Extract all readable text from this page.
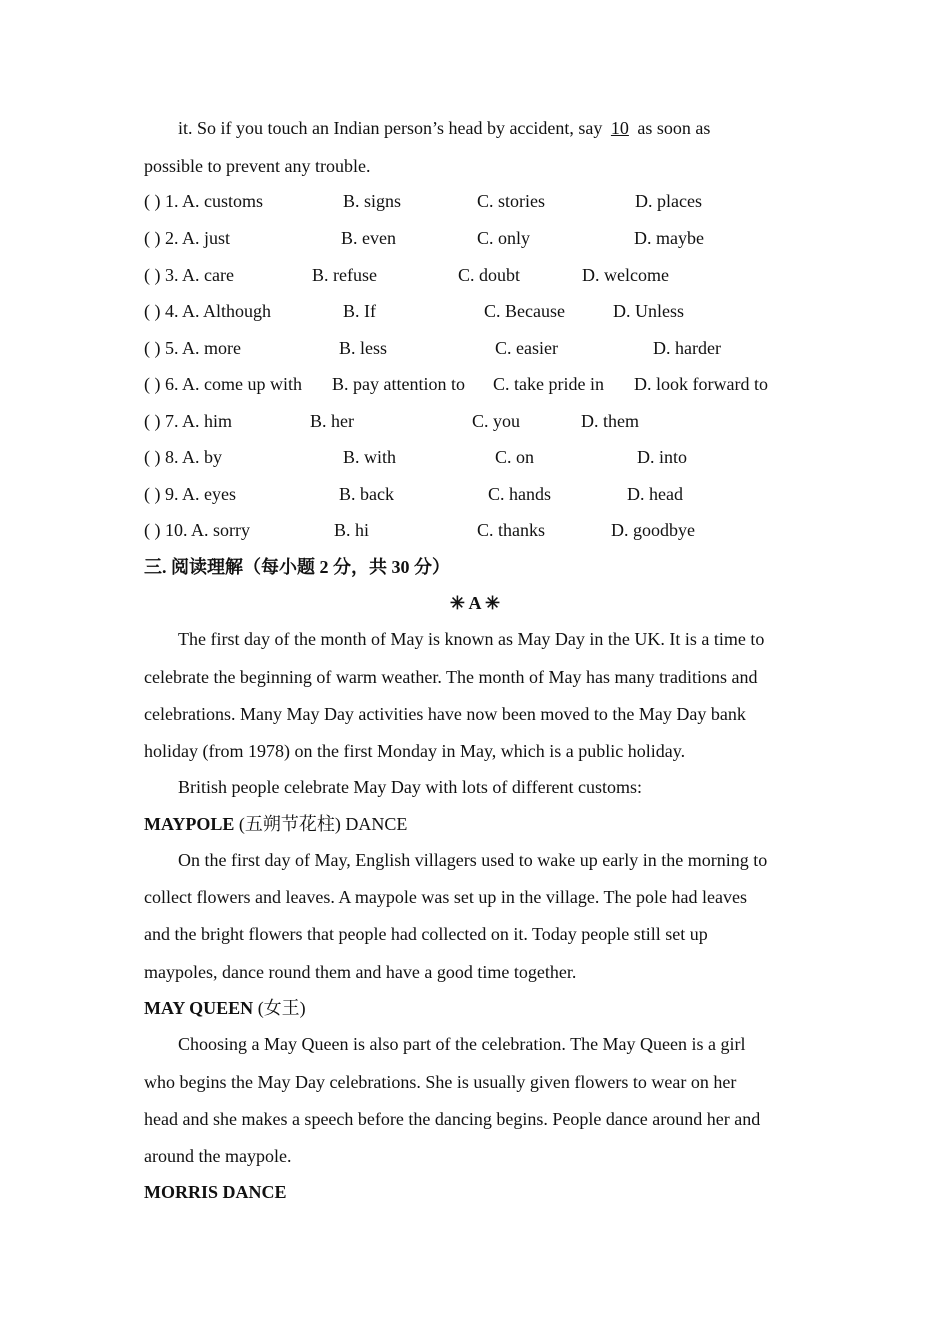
it. So if you touch an Indian person’s head by accident, say 10 as soon as
possible to prevent any trouble.
( ) 1. A. customs	B. signs	C. stories	D. places
( ) 2. A. just	B. even	C. only	D. maybe
( ) 3. A. care	B. refuse	C. doubt	D. welcome
( ) 4. A. Although	B. If	C. Because	D. Unless
( ) 5. A. more	B. less	C. easier	D. harder
( ) 6. A. come up with B. pay attention to C. take pride in D. look forward to
( ) 7. A. him	B. her	C. you	D. them
( ) 8. A. by	B. with	C. on	D. into
( ) 9. A. eyes	B. back	C. hands	D. head
( ) 10. A. sorry	B. hi	C. thanks	D. goodbye
三. 阅读理解（每小题 2 分，共 30 分）
✳ A ✳
The first day of the month of May is known as May Day in the UK. It is a time to
celebrate the beginning of warm weather. The month of May has many traditions and
celebrations. Many May Day activities have now been moved to the May Day bank
holiday (from 1978) on the first Monday in May, which is a public holiday.
British people celebrate May Day with lots of different customs:
MAYPOLE (五朔节花柱) DANCE
On the first day of May, English villagers used to wake up early in the morning to
collect flowers and leaves. A maypole was set up in the village. The pole had leaves
and the bright flowers that people had collected on it. Today people still set up
maypoles, dance round them and have a good time together.
MAY QUEEN (女王)
Choosing a May Queen is also part of the celebration. The May Queen is a girl
who begins the May Day celebrations. She is usually given flowers to wear on her
head and she makes a speech before the dancing begins. People dance around her and
around the maypole.
MORRIS DANCE
